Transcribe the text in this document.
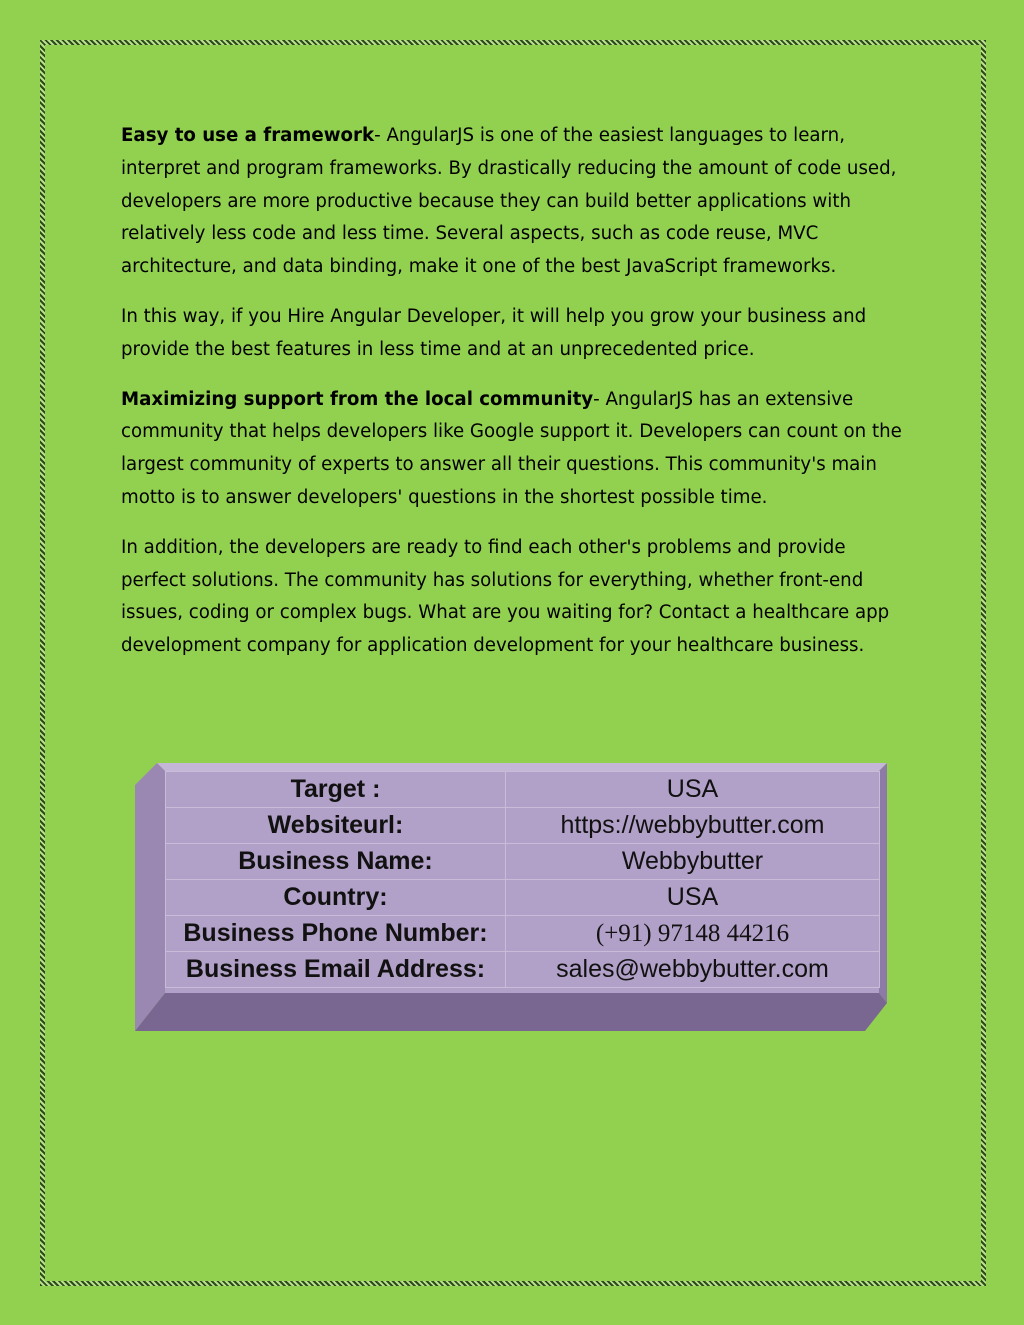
Easy to use a framework- AngularJS is one of the easiest languages to learn, interpret and program frameworks. By drastically reducing the amount of code used, developers are more productive because they can build better applications with relatively less code and less time. Several aspects, such as code reuse, MVC architecture, and data binding, make it one of the best JavaScript frameworks.

In this way, if you Hire Angular Developer, it will help you grow your business and provide the best features in less time and at an unprecedented price.

Maximizing support from the local community- AngularJS has an extensive community that helps developers like Google support it. Developers can count on the largest community of experts to answer all their questions. This community's main motto is to answer developers' questions in the shortest possible time.

In addition, the developers are ready to find each other's problems and provide perfect solutions. The community has solutions for everything, whether front-end issues, coding or complex bugs. What are you waiting for? Contact a healthcare app development company for application development for your healthcare business.

Target :	USA
Websiteurl:	https://webbybutter.com
Business Name:	Webbybutter
Country:	USA
Business Phone Number:	(+91) 97148 44216
Business Email Address:	sales@webbybutter.com
